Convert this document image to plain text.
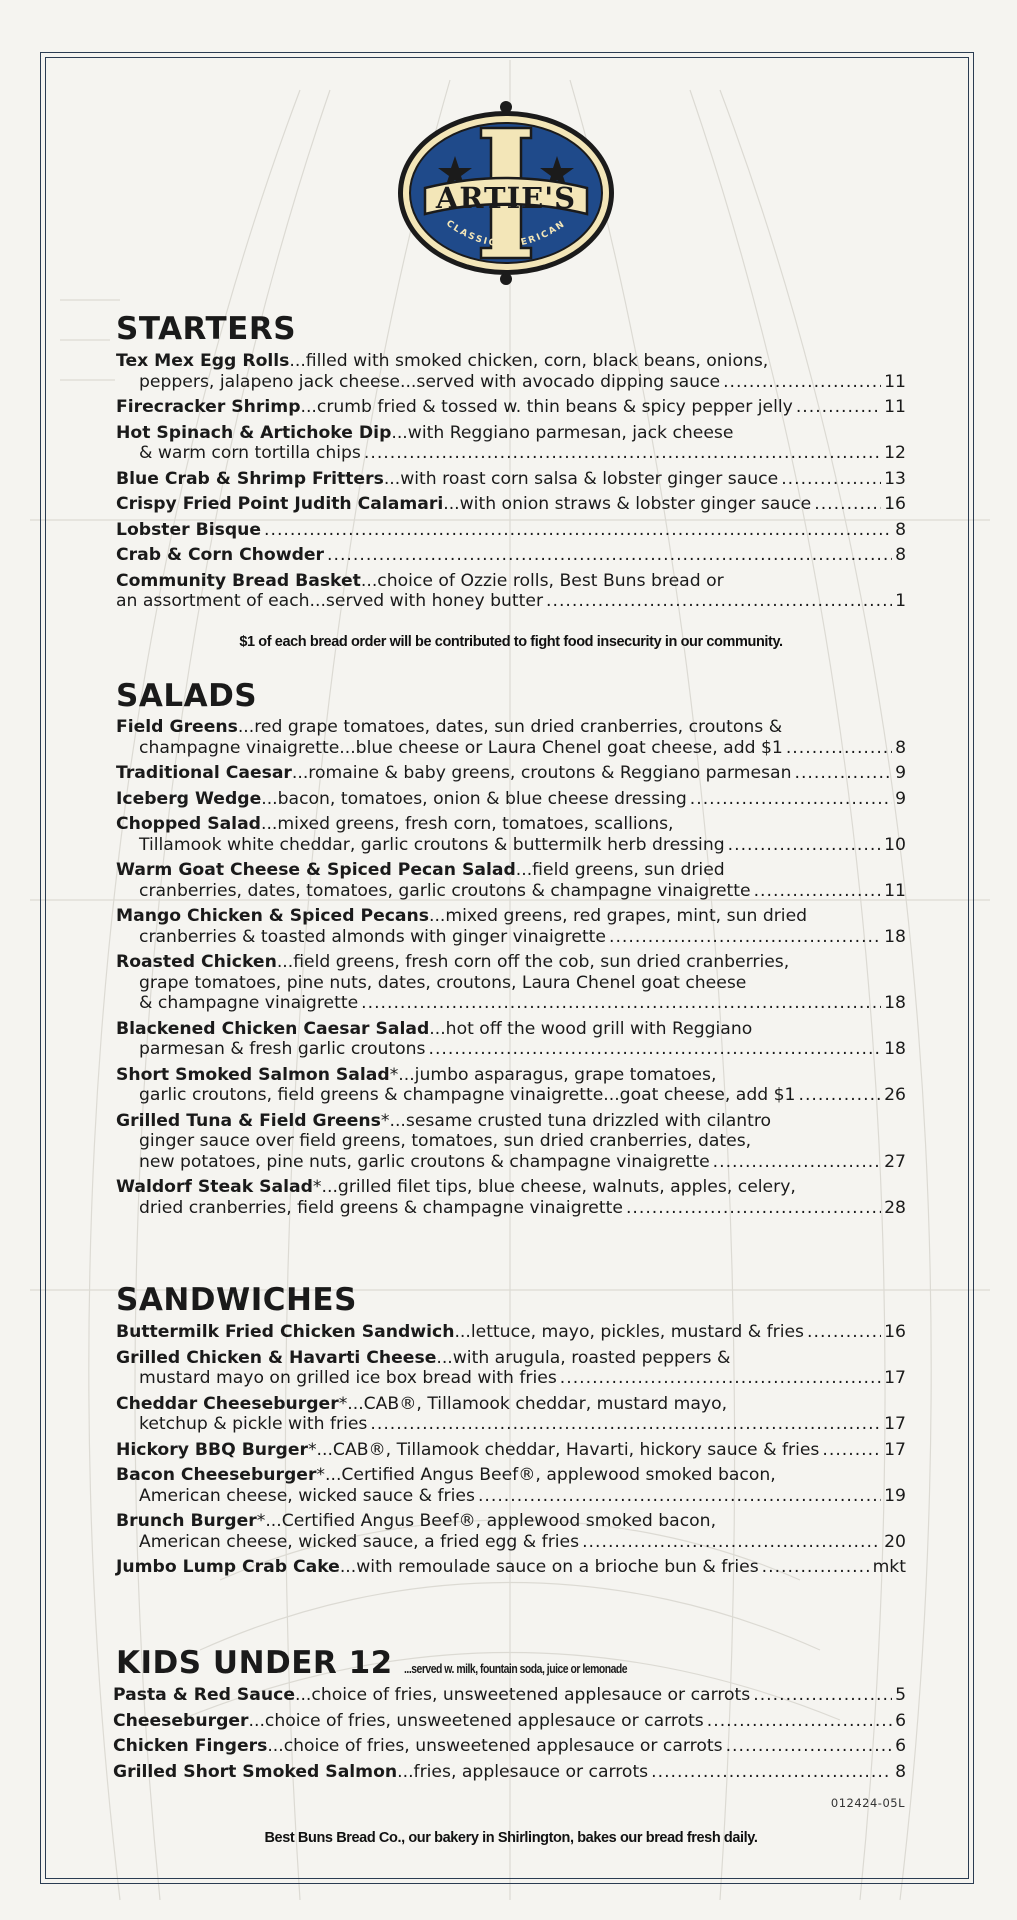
ARTIE'S
CLASSIC AMERICAN
STARTERS
Tex Mex Egg Rolls ...filled with smoked chicken, corn, black beans, onions,
peppers, jalapeno jack cheese...served with avocado dipping sauce .....	11
Firecracker Shrimp ...crumb fried & tossed w. thin beans & spicy pepper jelly .....	11
Hot Spinach & Artichoke Dip ...with Reggiano parmesan, jack cheese
& warm corn tortilla chips .....	12
Blue Crab & Shrimp Fritters ...with roast corn salsa & lobster ginger sauce .....	13
Crispy Fried Point Judith Calamari ...with onion straws & lobster ginger sauce .....	16
Lobster Bisque .....	8
Crab & Corn Chowder .....	8
Community Bread Basket ...choice of Ozzie rolls, Best Buns bread or
an assortment of each...served with honey butter .....	1
$1 of each bread order will be contributed to fight food insecurity in our community.
SALADS
Field Greens ...red grape tomatoes, dates, sun dried cranberries, croutons &
champagne vinaigrette...blue cheese or Laura Chenel goat cheese, add $1 .....	8
Traditional Caesar ...romaine & baby greens, croutons & Reggiano parmesan .....	9
Iceberg Wedge ...bacon, tomatoes, onion & blue cheese dressing .....	9
Chopped Salad ...mixed greens, fresh corn, tomatoes, scallions,
Tillamook white cheddar, garlic croutons & buttermilk herb dressing .....	10
Warm Goat Cheese & Spiced Pecan Salad ...field greens, sun dried
cranberries, dates, tomatoes, garlic croutons & champagne vinaigrette .....	11
Mango Chicken & Spiced Pecans ...mixed greens, red grapes, mint, sun dried
cranberries & toasted almonds with ginger vinaigrette .....	18
Roasted Chicken ...field greens, fresh corn off the cob, sun dried cranberries,
grape tomatoes, pine nuts, dates, croutons, Laura Chenel goat cheese
& champagne vinaigrette .....	18
Blackened Chicken Caesar Salad ...hot off the wood grill with Reggiano
parmesan & fresh garlic croutons .....	18
Short Smoked Salmon Salad * ...jumbo asparagus, grape tomatoes,
garlic croutons, field greens & champagne vinaigrette...goat cheese, add $1 .....	26
Grilled Tuna & Field Greens * ...sesame crusted tuna drizzled with cilantro
ginger sauce over field greens, tomatoes, sun dried cranberries, dates,
new potatoes, pine nuts, garlic croutons & champagne vinaigrette .....	27
Waldorf Steak Salad * ...grilled filet tips, blue cheese, walnuts, apples, celery,
dried cranberries, field greens & champagne vinaigrette .....	28
SANDWICHES
Buttermilk Fried Chicken Sandwich ...lettuce, mayo, pickles, mustard & fries .....	16
Grilled Chicken & Havarti Cheese ...with arugula, roasted peppers &
mustard mayo on grilled ice box bread with fries .....	17
Cheddar Cheeseburger * ...CAB®, Tillamook cheddar, mustard mayo,
ketchup & pickle with fries .....	17
Hickory BBQ Burger * ...CAB®, Tillamook cheddar, Havarti, hickory sauce & fries .....	17
Bacon Cheeseburger * ...Certified Angus Beef®, applewood smoked bacon,
American cheese, wicked sauce & fries .....	19
Brunch Burger * ...Certified Angus Beef®, applewood smoked bacon,
American cheese, wicked sauce, a fried egg & fries .....	20
Jumbo Lump Crab Cake ...with remoulade sauce on a brioche bun & fries .....	mkt
KIDS UNDER 12 ...served w. milk, fountain soda, juice or lemonade
Pasta & Red Sauce ...choice of fries, unsweetened applesauce or carrots .....	5
Cheeseburger ...choice of fries, unsweetened applesauce or carrots .....	6
Chicken Fingers ...choice of fries, unsweetened applesauce or carrots .....	6
Grilled Short Smoked Salmon ...fries, applesauce or carrots .....	8
012424-05L
Best Buns Bread Co., our bakery in Shirlington, bakes our bread fresh daily.
